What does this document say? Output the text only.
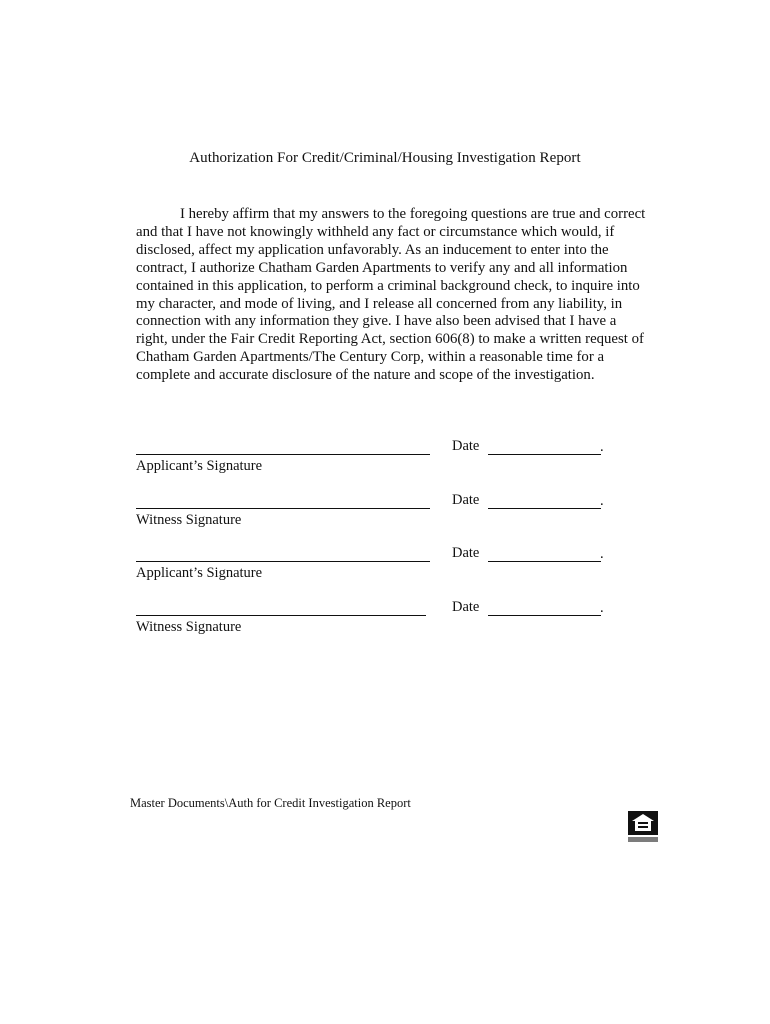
Authorization For Credit/Criminal/Housing Investigation Report

I hereby affirm that my answers to the foregoing questions are true and correct and that I have not knowingly withheld any fact or circumstance which would, if disclosed, affect my application unfavorably. As an inducement to enter into the contract, I authorize Chatham Garden Apartments to verify any and all information contained in this application, to perform a criminal background check, to inquire into my character, and mode of living, and I release all concerned from any liability, in connection with any information they give. I have also been advised that I have a right, under the Fair Credit Reporting Act, section 606(8) to make a written request of Chatham Garden Apartments/The Century Corp, within a reasonable time for a complete and accurate disclosure of the nature and scope of the investigation.

Applicant’s Signature
Date	.
Witness Signature
Date	.
Applicant’s Signature
Date	.
Witness Signature
Date	.
Master Documents\Auth for Credit Investigation Report
